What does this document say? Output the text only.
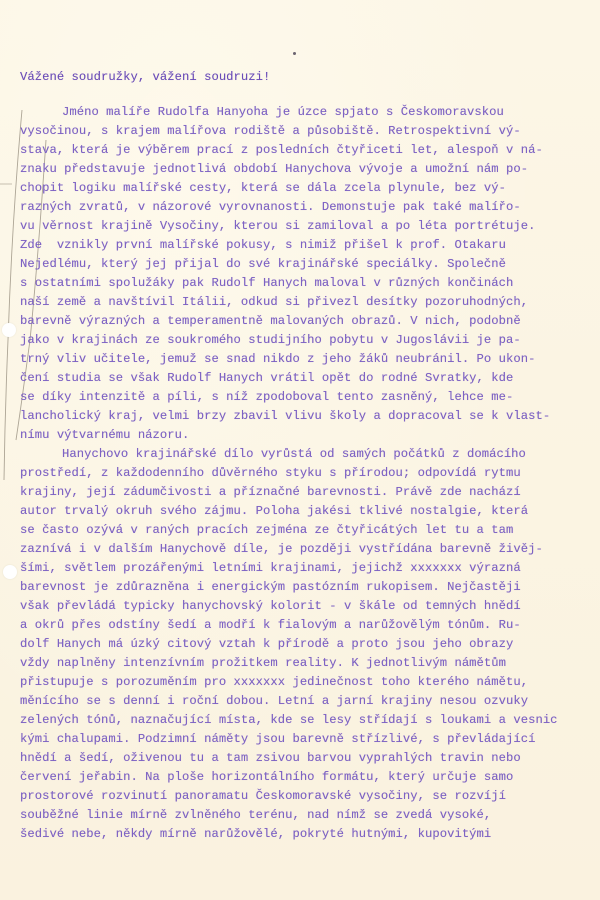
Vážené soudružky, vážení soudruzi!

Jméno malíře Rudolfa Hanyoha je úzce spjato s Českomoravskou

vysočinou, s krajem malířova rodiště a působiště. Retrospektivní vý-

stava, která je výběrem prací z posledních čtyřiceti let, alespoň v ná-

znaku představuje jednotlivá období Hanychova vývoje a umožní nám po-

chopit logiku malířské cesty, která se dála zcela plynule, bez vý-

razných zvratů, v názorové vyrovnanosti. Demonstuje pak také malířo-

vu věrnost krajině Vysočiny, kterou si zamiloval a po léta portrétuje.

Zde  vznikly první malířské pokusy, s nimiž přišel k prof. Otakaru

Nejedlému, který jej přijal do své krajinářské speciálky. Společně

s ostatními spolužáky pak Rudolf Hanych maloval v různých končinách

naší země a navštívil Itálii, odkud si přivezl desítky pozoruhodných,

barevně výrazných a temperamentně malovaných obrazů. V nich, podobně

jako v krajinách ze soukromého studijního pobytu v Jugoslávii je pa-

trný vliv učitele, jemuž se snad nikdo z jeho žáků neubránil. Po ukon-

čení studia se však Rudolf Hanych vrátil opět do rodné Svratky, kde

se díky intenzitě a píli, s níž zpodoboval tento zasněný, lehce me-

lancholický kraj, velmi brzy zbavil vlivu školy a dopracoval se k vlast-

nímu výtvarnému názoru.

Hanychovo krajinářské dílo vyrůstá od samých počátků z domácího

prostředí, z každodenního důvěrného styku s přírodou; odpovídá rytmu

krajiny, její zádumčivosti a příznačné barevnosti. Právě zde nachází

autor trvalý okruh svého zájmu. Poloha jakési tklivé nostalgie, která

se často ozývá v raných pracích zejména ze čtyřicátých let tu a tam

zaznívá i v dalším Hanychově díle, je později vystřídána barevně živěj-

šími, světlem prozářenými letními krajinami, jejichž xxxxxxx výrazná

barevnost je zdůrazněna i energickým pastózním rukopisem. Nejčastěji

však převládá typicky hanychovský kolorit - v škále od temných hnědí

a okrů přes odstíny šedí a modří k fialovým a narůžovělým tónům. Ru-

dolf Hanych má úzký citový vztah k přírodě a proto jsou jeho obrazy

vždy naplněny intenzívním prožitkem reality. K jednotlivým námětům

přistupuje s porozuměním pro xxxxxxx jedinečnost toho kterého námětu,

měnícího se s denní i roční dobou. Letní a jarní krajiny nesou ozvuky

zelených tónů, naznačující místa, kde se lesy střídají s loukami a vesnic

kými chalupami. Podzimní náměty jsou barevně střízlivé, s převládající

hnědí a šedí, oživenou tu a tam zsivou barvou vyprahlých travin nebo

červení jeřabin. Na ploše horizontálního formátu, který určuje samo

prostorové rozvinutí panoramatu Českomoravské vysočiny, se rozvíjí

souběžné linie mírně zvlněného terénu, nad nímž se zvedá vysoké,

šedivé nebe, někdy mírně narůžovělé, pokryté hutnými, kupovitými
